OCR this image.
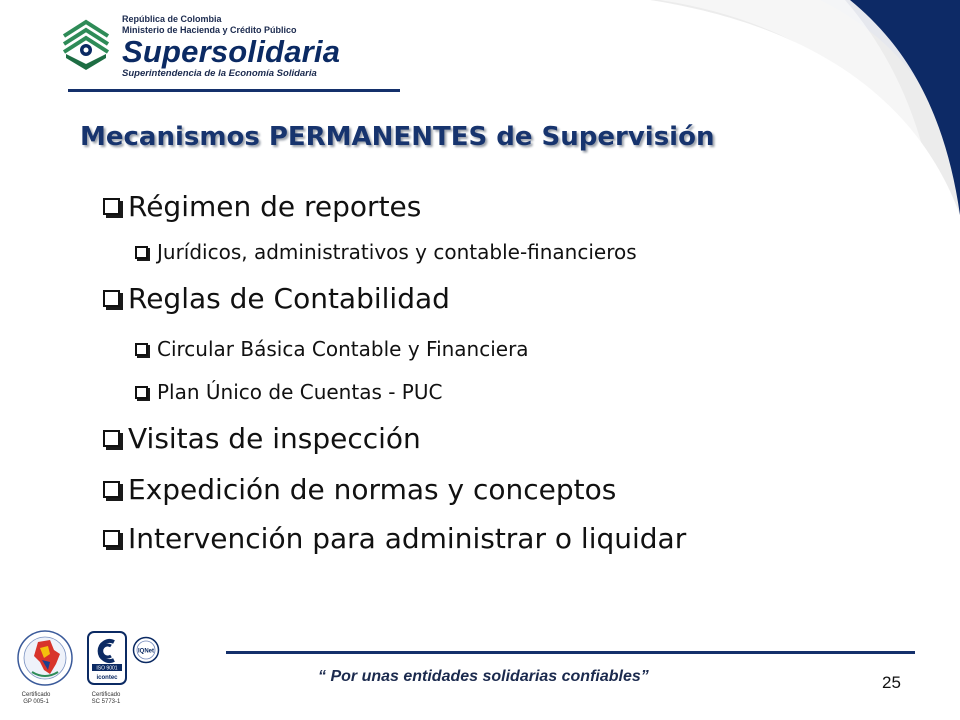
República de Colombia
Ministerio de Hacienda y Crédito Público
Supersolidaria
Superintendencia de la Economía Solidaria
Mecanismos PERMANENTES de Supervisión
Régimen de reportes
Jurídicos, administrativos y contable-financieros
Reglas de Contabilidad
Circular Básica Contable y Financiera
Plan Único de Cuentas - PUC
Visitas de inspección
Expedición de normas y conceptos
Intervención para administrar o liquidar
ISO 9001
icontec
IQNet
Certificado
GP 005-1
Certificado
SC 5773-1
“ Por unas entidades solidarias confiables”	25
